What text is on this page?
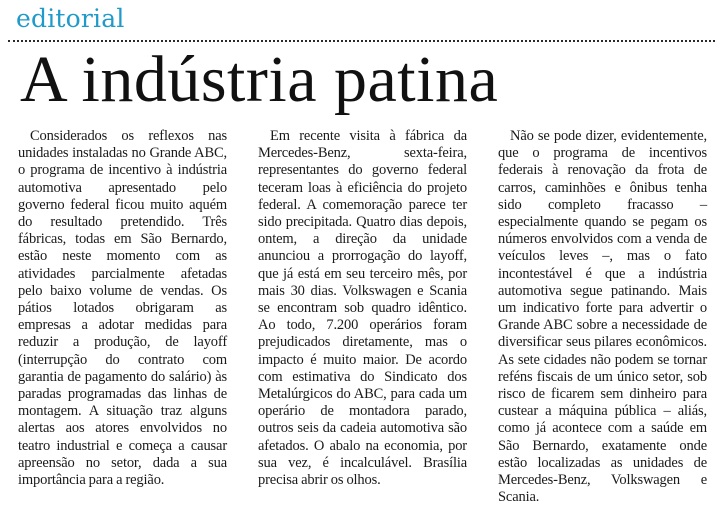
editorial
A indústria patina

Considerados os reflexos nas unidades instaladas no Grande ABC, o programa de incentivo à indústria automotiva apresentado pelo governo federal ficou muito aquém do resultado pretendido. Três fábricas, todas em São Bernardo, estão neste momento com as atividades parcialmente afetadas pelo baixo volume de vendas. Os pátios lotados obrigaram as empresas a adotar medidas para reduzir a produção, de layoff (interrupção do contrato com garantia de pagamento do salário) às paradas programadas das linhas de montagem. A situação traz alguns alertas aos atores envolvidos no teatro industrial e começa a causar apreensão no setor, dada a sua importância para a região.

Em recente visita à fábrica da Mercedes-Benz, sexta-feira, representantes do governo federal teceram loas à eficiência do projeto federal. A comemoração parece ter sido precipitada. Quatro dias depois, ontem, a direção da unidade anunciou a prorrogação do layoff, que já está em seu terceiro mês, por mais 30 dias. Volkswagen e Scania se encontram sob quadro idêntico. Ao todo, 7.200 operários foram prejudicados diretamente, mas o impacto é muito maior. De acordo com estimativa do Sindicato dos Metalúrgicos do ABC, para cada um operário de montadora parado, outros seis da cadeia automotiva são afetados. O abalo na economia, por sua vez, é incalculável. Brasília precisa abrir os olhos.

Não se pode dizer, evidentemente, que o programa de incentivos federais à renovação da frota de carros, caminhões e ônibus tenha sido completo fracasso – especialmente quando se pegam os números envolvidos com a venda de veículos leves –, mas o fato incontestável é que a indústria automotiva segue patinando. Mais um indicativo forte para advertir o Grande ABC sobre a necessidade de diversificar seus pilares econômicos. As sete cidades não podem se tornar reféns fiscais de um único setor, sob risco de ficarem sem dinheiro para custear a máquina pública – aliás, como já acontece com a saúde em São Bernardo, exatamente onde estão localizadas as unidades de Mercedes-Benz, Volkswagen e Scania.
